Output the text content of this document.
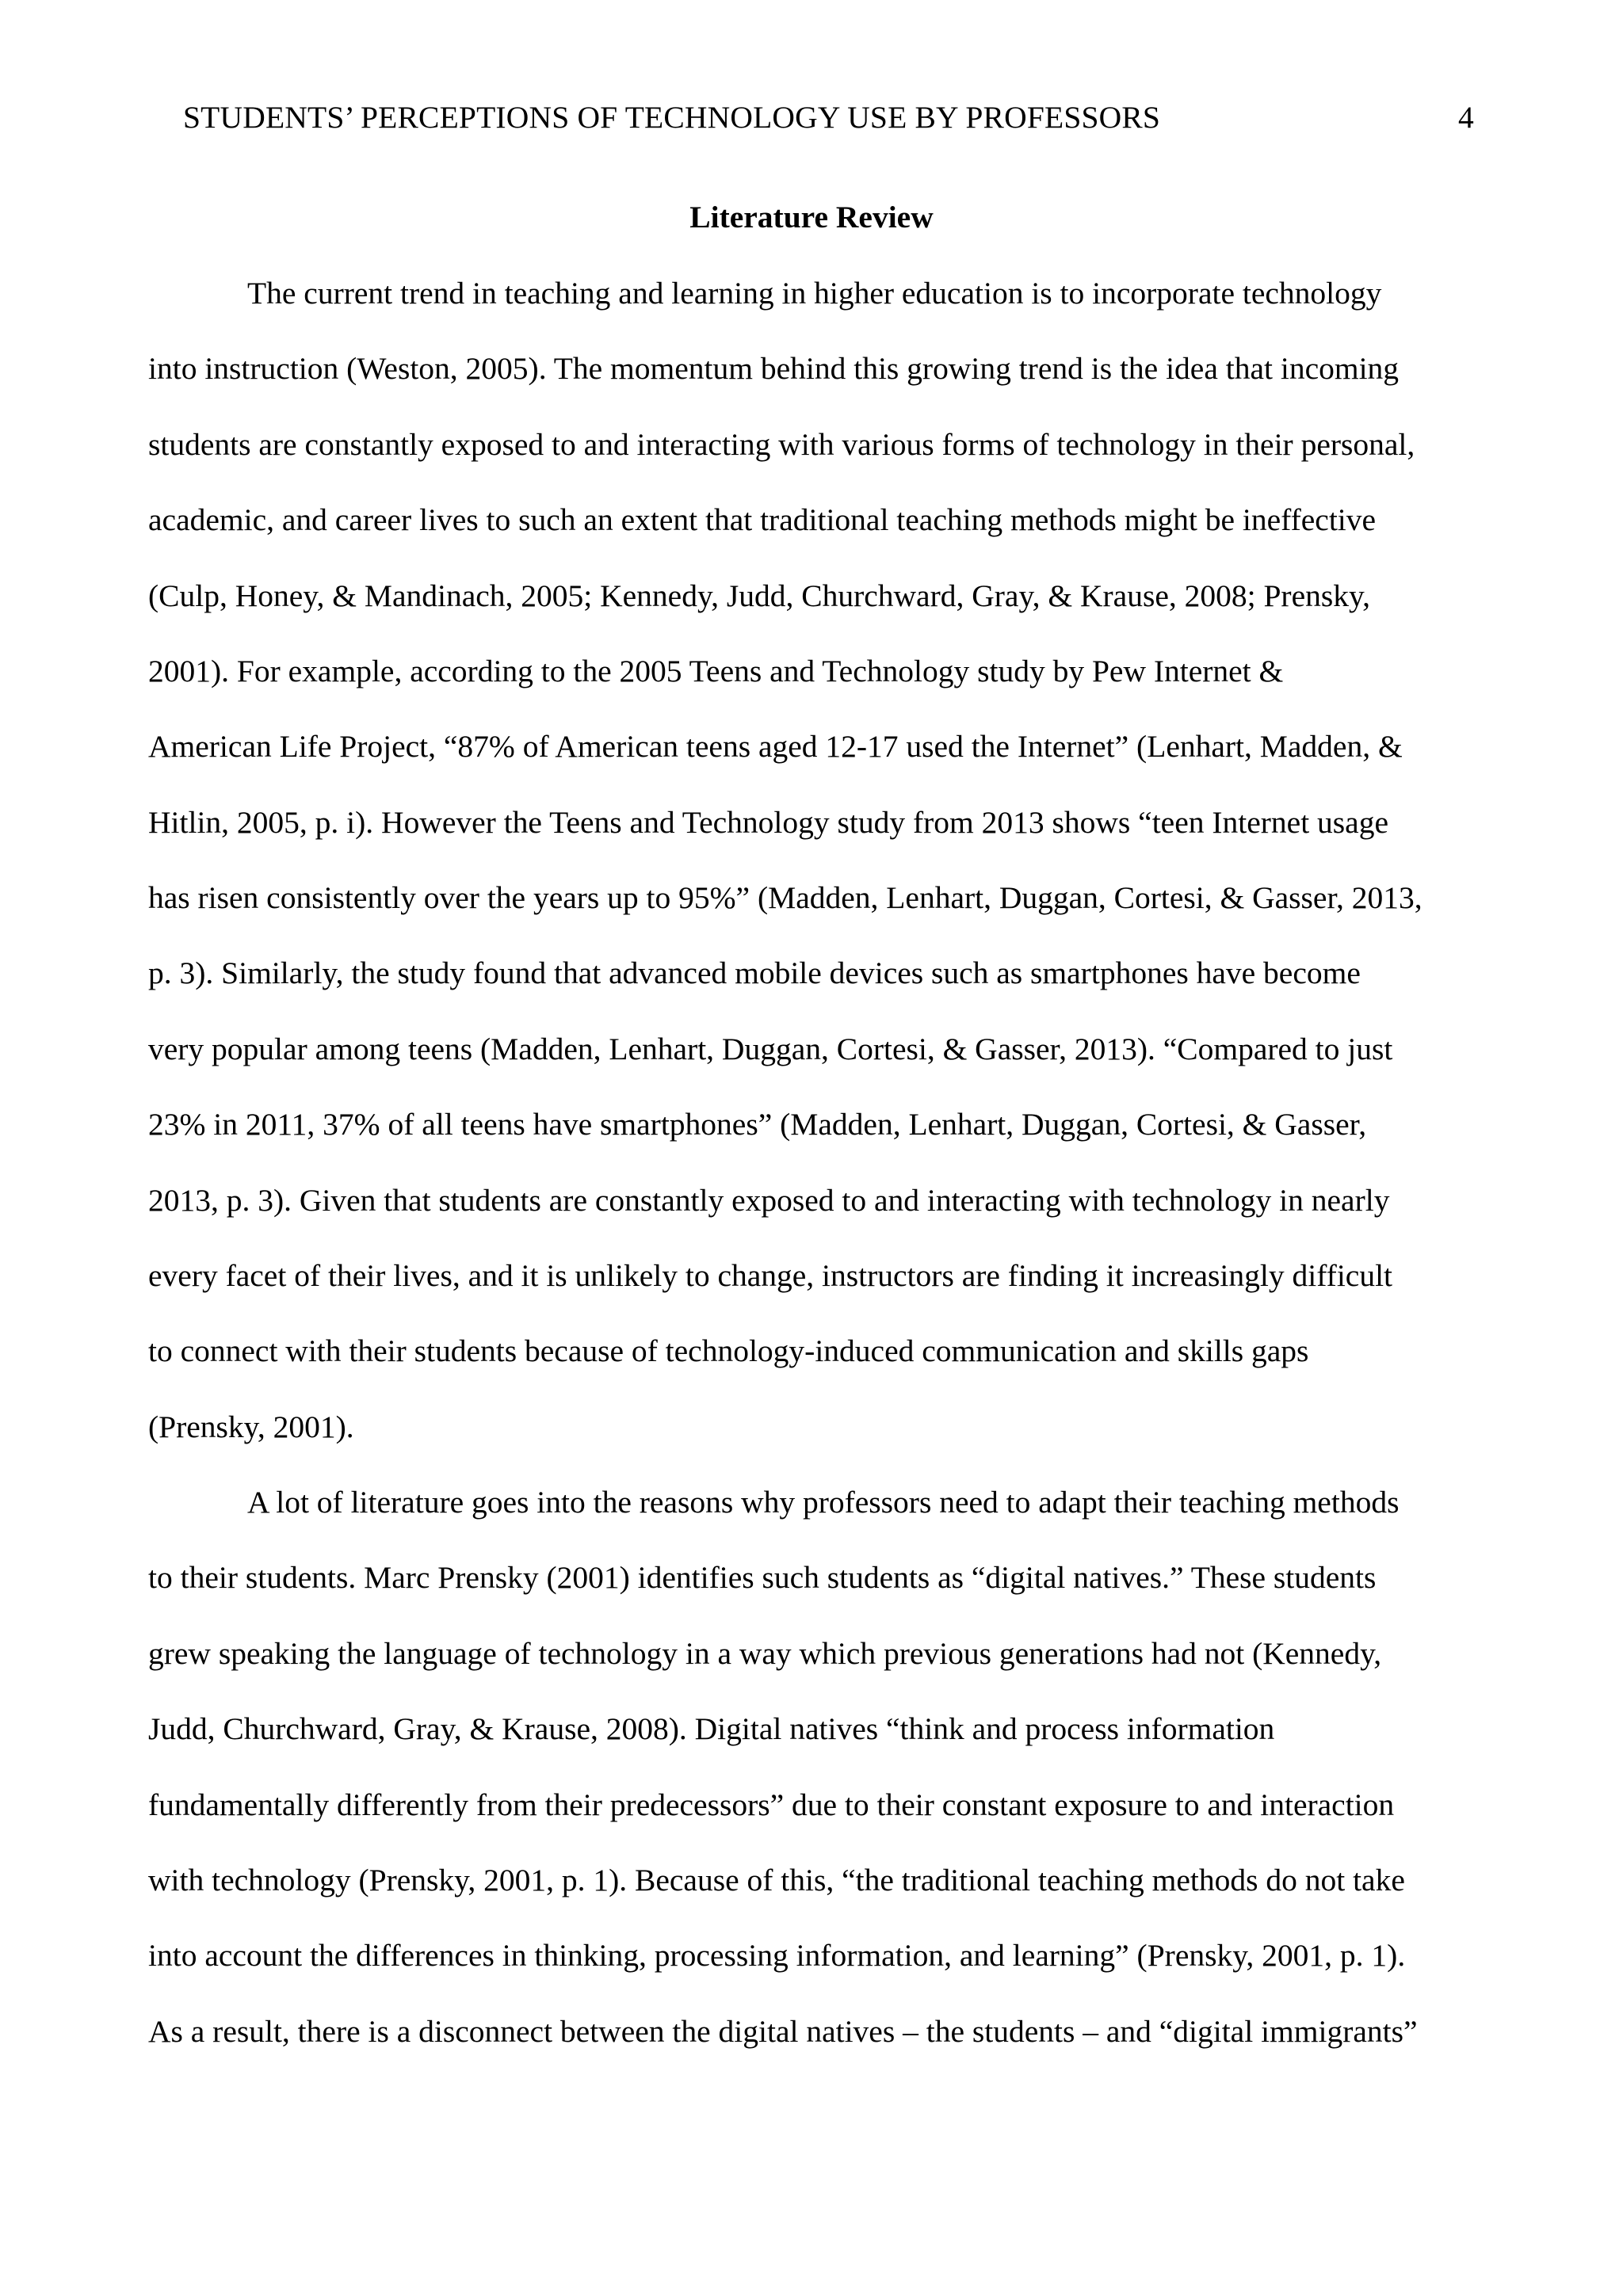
STUDENTS’ PERCEPTIONS OF TECHNOLOGY USE BY PROFESSORS	4
Literature Review
The current trend in teaching and learning in higher education is to incorporate technology
into instruction (Weston, 2005). The momentum behind this growing trend is the idea that incoming
students are constantly exposed to and interacting with various forms of technology in their personal,
academic, and career lives to such an extent that traditional teaching methods might be ineffective
(Culp, Honey, & Mandinach, 2005; Kennedy, Judd, Churchward, Gray, & Krause, 2008; Prensky,
2001). For example, according to the 2005 Teens and Technology study by Pew Internet &
American Life Project, “87% of American teens aged 12-17 used the Internet” (Lenhart, Madden, &
Hitlin, 2005, p. i). However the Teens and Technology study from 2013 shows “teen Internet usage
has risen consistently over the years up to 95%” (Madden, Lenhart, Duggan, Cortesi, & Gasser, 2013,
p. 3). Similarly, the study found that advanced mobile devices such as smartphones have become
very popular among teens (Madden, Lenhart, Duggan, Cortesi, & Gasser, 2013). “Compared to just
23% in 2011, 37% of all teens have smartphones” (Madden, Lenhart, Duggan, Cortesi, & Gasser,
2013, p. 3). Given that students are constantly exposed to and interacting with technology in nearly
every facet of their lives, and it is unlikely to change, instructors are finding it increasingly difficult
to connect with their students because of technology-induced communication and skills gaps
(Prensky, 2001).
A lot of literature goes into the reasons why professors need to adapt their teaching methods
to their students. Marc Prensky (2001) identifies such students as “digital natives.” These students
grew speaking the language of technology in a way which previous generations had not (Kennedy,
Judd, Churchward, Gray, & Krause, 2008). Digital natives “think and process information
fundamentally differently from their predecessors” due to their constant exposure to and interaction
with technology (Prensky, 2001, p. 1). Because of this, “the traditional teaching methods do not take
into account the differences in thinking, processing information, and learning” (Prensky, 2001, p. 1).
As a result, there is a disconnect between the digital natives – the students – and “digital immigrants”
